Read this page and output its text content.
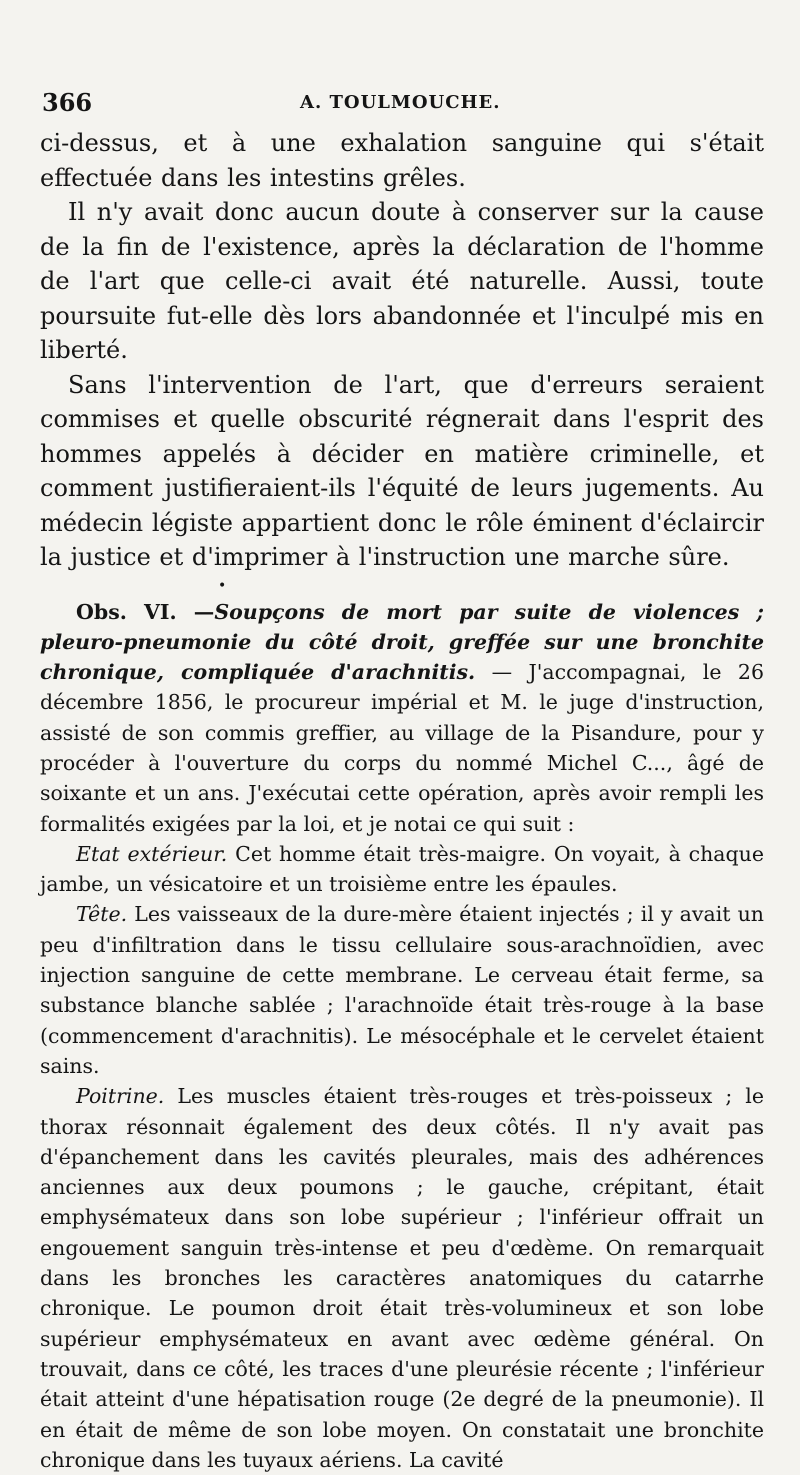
366	A. TOULMOUCHE.

ci-dessus, et à une exhalation sanguine qui s'était effectuée dans les intestins grêles.

Il n'y avait donc aucun doute à conserver sur la cause de la fin de l'existence, après la déclaration de l'homme de l'art que celle-ci avait été naturelle. Aussi, toute poursuite fut-elle dès lors abandonnée et l'inculpé mis en liberté.

Sans l'intervention de l'art, que d'erreurs seraient commises et quelle obscurité régnerait dans l'esprit des hommes appelés à décider en matière criminelle, et comment justifieraient-ils l'équité de leurs jugements. Au médecin légiste appartient donc le rôle éminent d'éclaircir la justice et d'imprimer à l'instruction une marche sûre.

•

Obs. VI. —Soupçons de mort par suite de violences ; pleuro-pneumonie du côté droit, greffée sur une bronchite chronique, compliquée d'arachnitis. — J'accompagnai, le 26 décembre 1856, le procureur impérial et M. le juge d'instruction, assisté de son commis greffier, au village de la Pisandure, pour y procéder à l'ouverture du corps du nommé Michel C..., âgé de soixante et un ans. J'exécutai cette opération, après avoir rempli les formalités exigées par la loi, et je notai ce qui suit :

Etat extérieur. Cet homme était très-maigre. On voyait, à chaque jambe, un vésicatoire et un troisième entre les épaules.

Tête. Les vaisseaux de la dure-mère étaient injectés ; il y avait un peu d'infiltration dans le tissu cellulaire sous-arachnoïdien, avec injection sanguine de cette membrane. Le cerveau était ferme, sa substance blanche sablée ; l'arachnoïde était très-rouge à la base (commencement d'arachnitis). Le mésocéphale et le cervelet étaient sains.

Poitrine. Les muscles étaient très-rouges et très-poisseux ; le thorax résonnait également des deux côtés. Il n'y avait pas d'épanchement dans les cavités pleurales, mais des adhérences anciennes aux deux poumons ; le gauche, crépitant, était emphysémateux dans son lobe supérieur ; l'inférieur offrait un engouement sanguin très-intense et peu d'œdème. On remarquait dans les bronches les caractères anatomiques du catarrhe chronique. Le poumon droit était très-volumineux et son lobe supérieur emphysémateux en avant avec œdème général. On trouvait, dans ce côté, les traces d'une pleurésie récente ; l'inférieur était atteint d'une hépatisation rouge (2e degré de la pneumonie). Il en était de même de son lobe moyen. On constatait une bronchite chronique dans les tuyaux aériens. La cavité
